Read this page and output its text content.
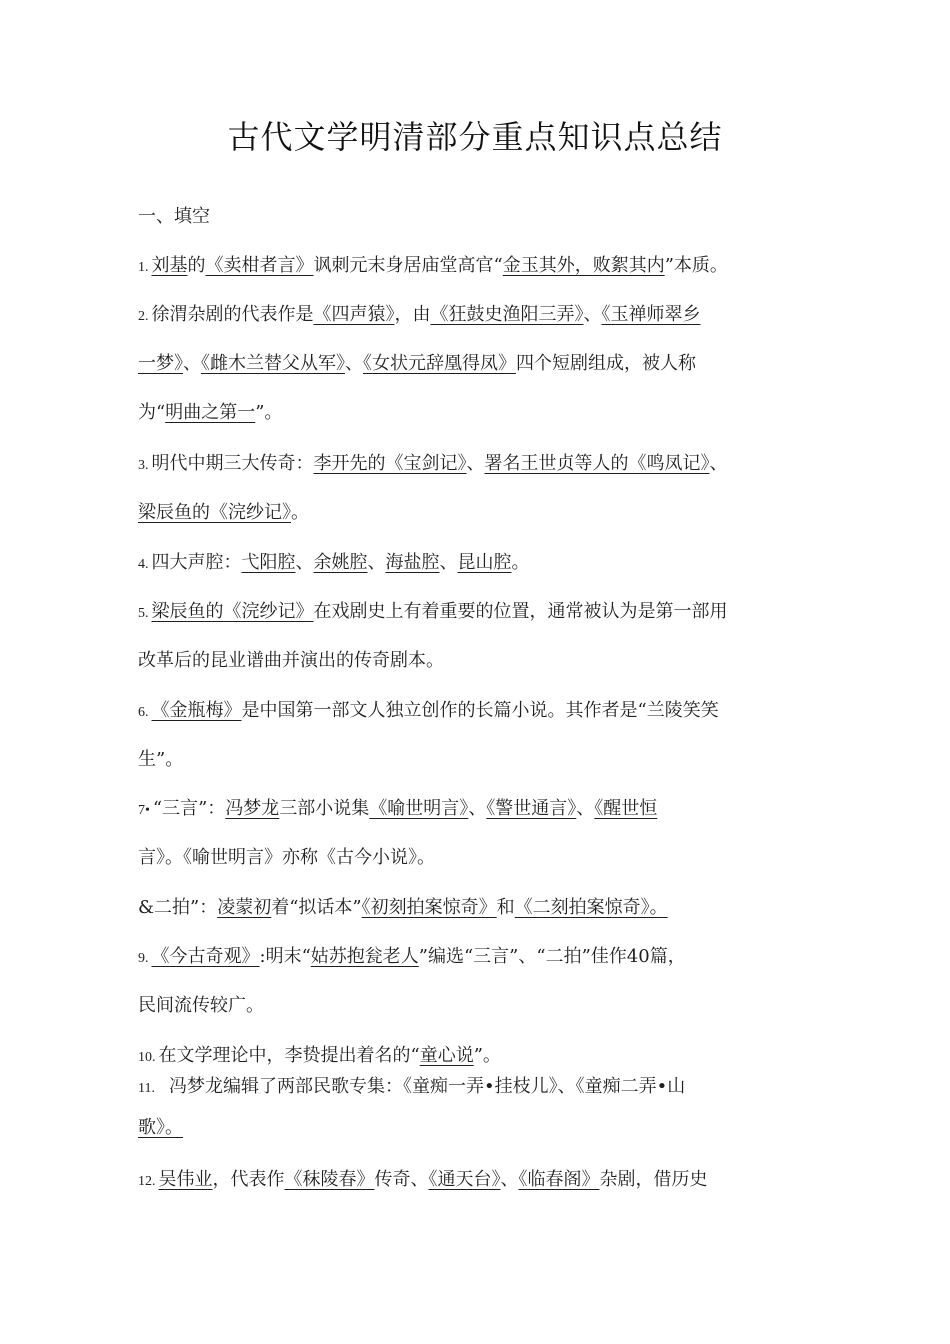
古代文学明清部分重点知识点总结
一、填空
1. 刘基的《卖柑者言》讽刺元末身居庙堂高官“金玉其外，败絮其内”本质。
2. 徐渭杂剧的代表作是《四声猿》，由《狂鼓史渔阳三弄》、《玉禅师翠乡
一梦》、《雌木兰替父从军》、《女状元辞凰得凤》四个短剧组成，被人称
为“明曲之第一”。
3. 明代中期三大传奇：李开先的《宝剑记》、署名王世贞等人的《鸣凤记》、
梁辰鱼的《浣纱记》。
4. 四大声腔：弋阳腔、余姚腔、海盐腔、昆山腔。
5. 梁辰鱼的《浣纱记》在戏剧史上有着重要的位置，通常被认为是第一部用
改革后的昆业谱曲并演出的传奇剧本。
6. 《金瓶梅》是中国第一部文人独立创作的长篇小说。其作者是“兰陵笑笑
生”。
7• “三言”：冯梦龙三部小说集《喻世明言》、《警世通言》、《醒世恒
言》。《喻世明言》亦称《古今小说》。
&二拍”：凌蒙初着“拟话本”《初刻拍案惊奇》和《二刻拍案惊奇》。
9. 《今古奇观》:明末“姑苏抱瓮老人”编选“三言”、“二拍”佳作40篇，
民间流传较广。
10. 在文学理论中，李贽提出着名的“童心说”。
11. 冯梦龙编辑了两部民歌专集：《童痴一弄•挂枝儿》、《童痴二弄•山
歌》。
12. 吴伟业，代表作《秣陵春》传奇、《通天台》、《临春阁》杂剧，借历史
